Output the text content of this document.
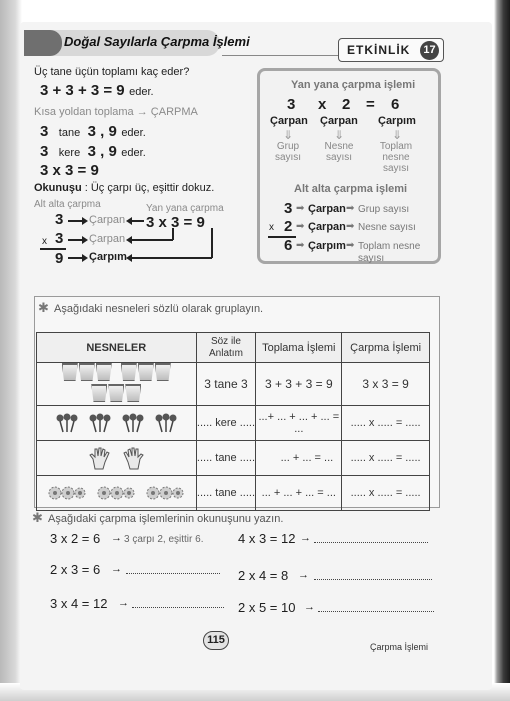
Doğal Sayılarla Çarpma İşlemi
ETKİNLİK	17
Üç tane üçün toplamı kaç eder?
3 + 3 + 3 = 9 eder.
Kısa yoldan toplama → ÇARPMA
3 tane 3 , 9 eder.
3 kere 3 , 9 eder.
3 x 3 = 9
Okunuşu : Üç çarpı üç, eşittir dokuz.
Alt alta çarpma	Yan yana çarpma
3
x 3
9
Çarpan
Çarpan
Çarpım
3 x 3 = 9
Yan yana çarpma işlemi
3 x 2 = 6
Çarpan Çarpan Çarpım
⇓	⇓	⇓
Grup sayısı
Nesne sayısı
Toplam nesne sayısı
Alt alta çarpma işlemi
3 ➡ Çarpan ➡ Grup sayısı
x 2 ➡ Çarpan ➡ Nesne sayısı
6 ➡ Çarpım ➡ Toplam nesne sayısı
✱ Aşağıdaki nesneleri sözlü olarak gruplayın.
NESNELER	Söz ile Anlatım	Toplama İşlemi	Çarpma İşlemi
	3 tane 3	3 + 3 + 3 = 9	3 x 3 = 9
	..... kere .....	...+ ... + ... + ... = ...	..... x ..... = .....
	..... tane .....	... + ... = ...	..... x ..... = .....
	..... tane .....	... + ... + ... = ...	..... x ..... = .....
✱ Aşağıdaki çarpma işlemlerinin okunuşunu yazın.
3 x 2 = 6 → 3 çarpı 2, eşittir 6.	4 x 3 = 12 →
2 x 3 = 6 →	2 x 4 = 8 →
3 x 4 = 12 →	2 x 5 = 10 →
115
Çarpma İşlemi
